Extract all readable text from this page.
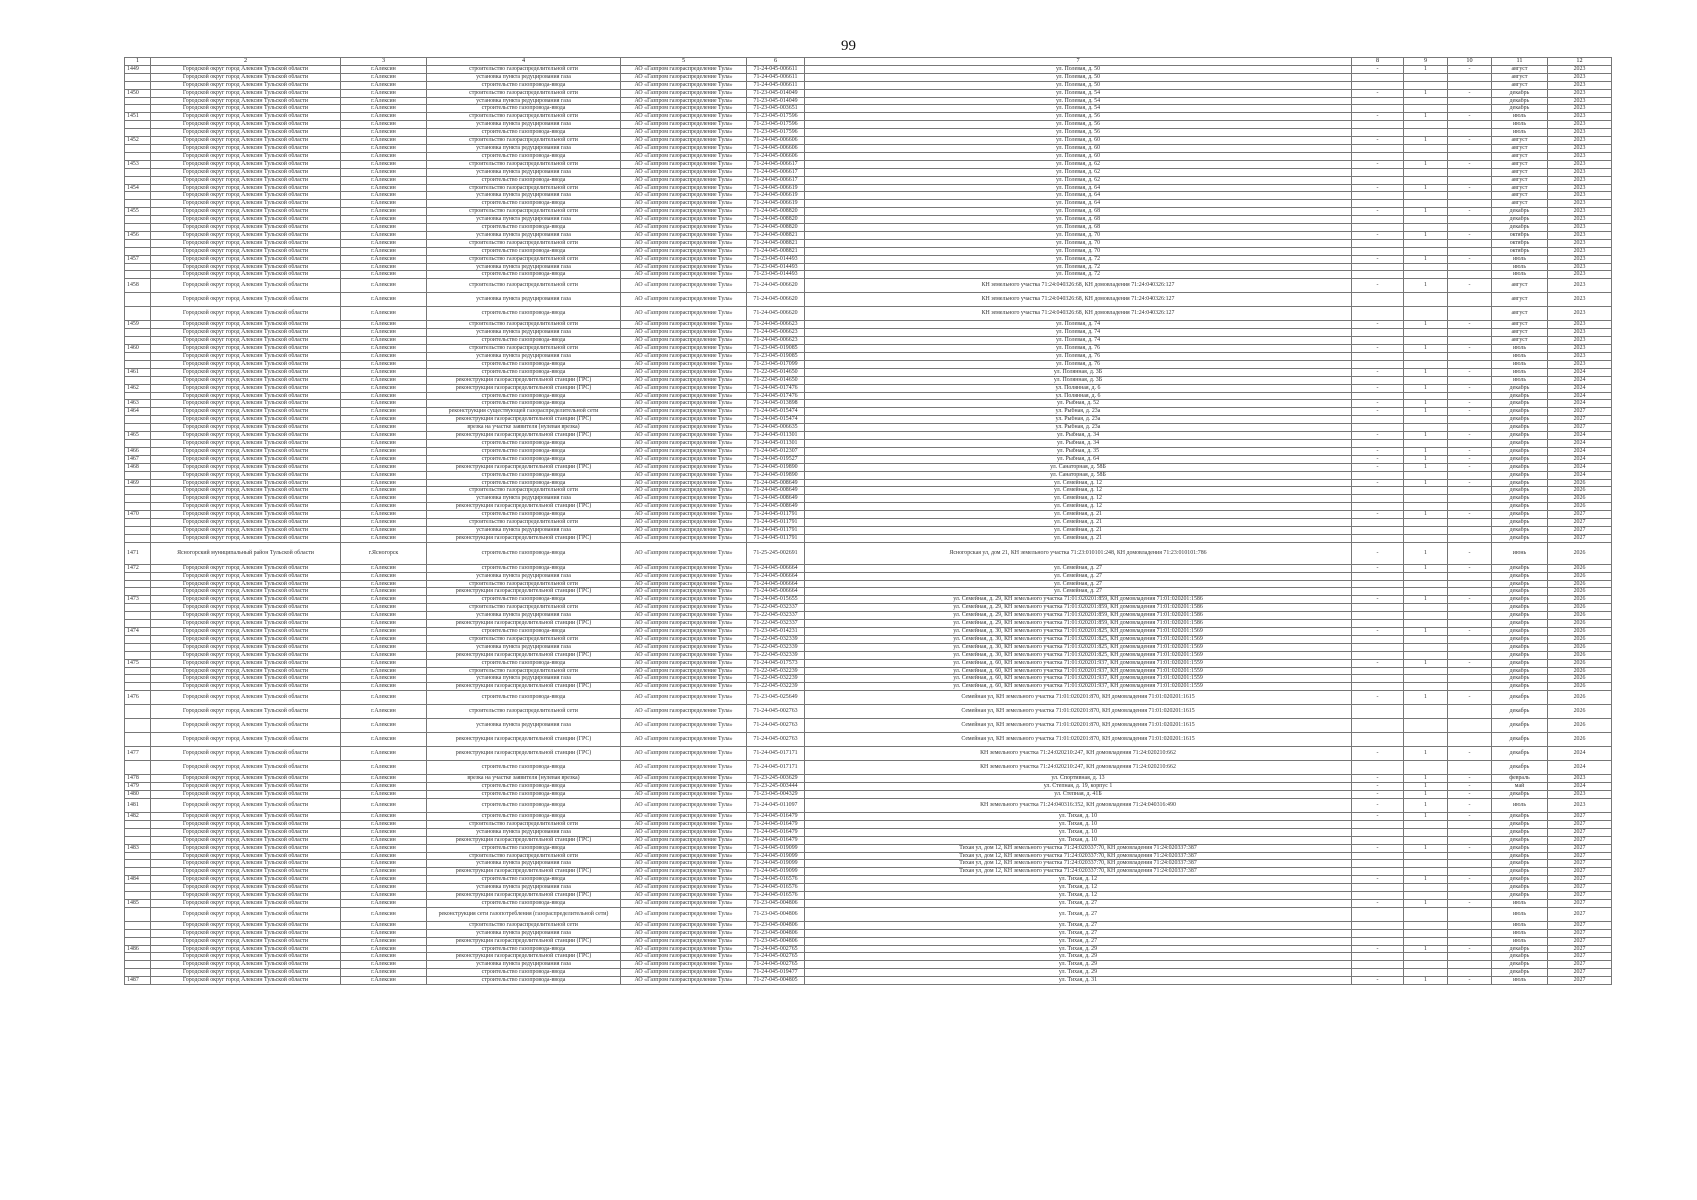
99
1	2	3	4	5	6	7	8	9	10	11	12
1449	Городской округ город Алексин Тульской области	г.Алексин	строительство газораспределительной сети	АО «Газпром газораспределение Тула»	71-24-045-006611	ул. Полевая, д. 50	-	1	-	август	2023
	Городской округ город Алексин Тульской области	г.Алексин	установка пункта редуцирования газа	АО «Газпром газораспределение Тула»	71-24-045-006611	ул. Полевая, д. 50				август	2023
	Городской округ город Алексин Тульской области	г.Алексин	строительство газопровода-ввода	АО «Газпром газораспределение Тула»	71-24-045-006611	ул. Полевая, д. 50				август	2023
1450	Городской округ город Алексин Тульской области	г.Алексин	строительство газораспределительной сети	АО «Газпром газораспределение Тула»	71-23-045-014049	ул. Полевая, д. 54	-	1	-	декабрь	2023
	Городской округ город Алексин Тульской области	г.Алексин	установка пункта редуцирования газа	АО «Газпром газораспределение Тула»	71-23-045-014049	ул. Полевая, д. 54				декабрь	2023
	Городской округ город Алексин Тульской области	г.Алексин	строительство газопровода-ввода	АО «Газпром газораспределение Тула»	71-23-045-003651	ул. Полевая, д. 54				декабрь	2023
1451	Городской округ город Алексин Тульской области	г.Алексин	строительство газораспределительной сети	АО «Газпром газораспределение Тула»	71-23-045-017596	ул. Полевая, д. 56	-	1	-	июль	2023
	Городской округ город Алексин Тульской области	г.Алексин	установка пункта редуцирования газа	АО «Газпром газораспределение Тула»	71-23-045-017596	ул. Полевая, д. 56				июль	2023
	Городской округ город Алексин Тульской области	г.Алексин	строительство газопровода-ввода	АО «Газпром газораспределение Тула»	71-23-045-017596	ул. Полевая, д. 56				июль	2023
1452	Городской округ город Алексин Тульской области	г.Алексин	строительство газораспределительной сети	АО «Газпром газораспределение Тула»	71-24-045-006606	ул. Полевая, д. 60	-	1	-	август	2023
	Городской округ город Алексин Тульской области	г.Алексин	установка пункта редуцирования газа	АО «Газпром газораспределение Тула»	71-24-045-006606	ул. Полевая, д. 60				август	2023
	Городской округ город Алексин Тульской области	г.Алексин	строительство газопровода-ввода	АО «Газпром газораспределение Тула»	71-24-045-006606	ул. Полевая, д. 60				август	2023
1453	Городской округ город Алексин Тульской области	г.Алексин	строительство газораспределительной сети	АО «Газпром газораспределение Тула»	71-24-045-006617	ул. Полевая, д. 62	-	1	-	август	2023
	Городской округ город Алексин Тульской области	г.Алексин	установка пункта редуцирования газа	АО «Газпром газораспределение Тула»	71-24-045-006617	ул. Полевая, д. 62				август	2023
	Городской округ город Алексин Тульской области	г.Алексин	строительство газопровода-ввода	АО «Газпром газораспределение Тула»	71-24-045-006617	ул. Полевая, д. 62				август	2023
1454	Городской округ город Алексин Тульской области	г.Алексин	строительство газораспределительной сети	АО «Газпром газораспределение Тула»	71-24-045-006619	ул. Полевая, д. 64	-	1	-	август	2023
	Городской округ город Алексин Тульской области	г.Алексин	установка пункта редуцирования газа	АО «Газпром газораспределение Тула»	71-24-045-006619	ул. Полевая, д. 64				август	2023
	Городской округ город Алексин Тульской области	г.Алексин	строительство газопровода-ввода	АО «Газпром газораспределение Тула»	71-24-045-006619	ул. Полевая, д. 64				август	2023
1455	Городской округ город Алексин Тульской области	г.Алексин	строительство газораспределительной сети	АО «Газпром газораспределение Тула»	71-24-045-008820	ул. Полевая, д. 68	-	1	-	декабрь	2023
	Городской округ город Алексин Тульской области	г.Алексин	установка пункта редуцирования газа	АО «Газпром газораспределение Тула»	71-24-045-008820	ул. Полевая, д. 68				декабрь	2023
	Городской округ город Алексин Тульской области	г.Алексин	строительство газопровода-ввода	АО «Газпром газораспределение Тула»	71-24-045-008820	ул. Полевая, д. 68				декабрь	2023
1456	Городской округ город Алексин Тульской области	г.Алексин	установка пункта редуцирования газа	АО «Газпром газораспределение Тула»	71-24-045-008821	ул. Полевая, д. 70	-	1	-	октябрь	2023
	Городской округ город Алексин Тульской области	г.Алексин	строительство газораспределительной сети	АО «Газпром газораспределение Тула»	71-24-045-008821	ул. Полевая, д. 70				октябрь	2023
	Городской округ город Алексин Тульской области	г.Алексин	строительство газопровода-ввода	АО «Газпром газораспределение Тула»	71-24-045-008821	ул. Полевая, д. 70				октябрь	2023
1457	Городской округ город Алексин Тульской области	г.Алексин	строительство газораспределительной сети	АО «Газпром газораспределение Тула»	71-23-045-014493	ул. Полевая, д. 72	-	1	-	июль	2023
	Городской округ город Алексин Тульской области	г.Алексин	установка пункта редуцирования газа	АО «Газпром газораспределение Тула»	71-23-045-014493	ул. Полевая, д. 72				июль	2023
	Городской округ город Алексин Тульской области	г.Алексин	строительство газопровода-ввода	АО «Газпром газораспределение Тула»	71-23-045-014493	ул. Полевая, д. 72				июль	2023
1458	Городской округ город Алексин Тульской области	г.Алексин	строительство газораспределительной сети	АО «Газпром газораспределение Тула»	71-24-045-006620	КН земельного участка 71:24:040326:68, КН домовладения 71:24:040326:127	-	1	-	август	2023
	Городской округ город Алексин Тульской области	г.Алексин	установка пункта редуцирования газа	АО «Газпром газораспределение Тула»	71-24-045-006620	КН земельного участка 71:24:040326:68, КН домовладения 71:24:040326:127				август	2023
	Городской округ город Алексин Тульской области	г.Алексин	строительство газопровода-ввода	АО «Газпром газораспределение Тула»	71-24-045-006620	КН земельного участка 71:24:040326:68, КН домовладения 71:24:040326:127				август	2023
1459	Городской округ город Алексин Тульской области	г.Алексин	строительство газораспределительной сети	АО «Газпром газораспределение Тула»	71-24-045-006623	ул. Полевая, д. 74	-	1	-	август	2023
	Городской округ город Алексин Тульской области	г.Алексин	установка пункта редуцирования газа	АО «Газпром газораспределение Тула»	71-24-045-006623	ул. Полевая, д. 74				август	2023
	Городской округ город Алексин Тульской области	г.Алексин	строительство газопровода-ввода	АО «Газпром газораспределение Тула»	71-24-045-006623	ул. Полевая, д. 74				август	2023
1460	Городской округ город Алексин Тульской области	г.Алексин	строительство газораспределительной сети	АО «Газпром газораспределение Тула»	71-23-045-019085	ул. Полевая, д. 76	-	1	-	июль	2023
	Городской округ город Алексин Тульской области	г.Алексин	установка пункта редуцирования газа	АО «Газпром газораспределение Тула»	71-23-045-019085	ул. Полевая, д. 76				июль	2023
	Городской округ город Алексин Тульской области	г.Алексин	строительство газопровода-ввода	АО «Газпром газораспределение Тула»	71-23-045-017099	ул. Полевая, д. 76				июль	2023
1461	Городской округ город Алексин Тульской области	г.Алексин	строительство газопровода-ввода	АО «Газпром газораспределение Тула»	71-22-045-014650	ул. Полянная, д. 3Б	-	1	-	июль	2024
	Городской округ город Алексин Тульской области	г.Алексин	реконструкция газораспределительной станции (ГРС)	АО «Газпром газораспределение Тула»	71-22-045-014650	ул. Полянная, д. 3Б				июль	2024
1462	Городской округ город Алексин Тульской области	г.Алексин	реконструкция газораспределительной станции (ГРС)	АО «Газпром газораспределение Тула»	71-24-045-017476	ул. Полянная, д. 6	-	1	-	декабрь	2024
	Городской округ город Алексин Тульской области	г.Алексин	строительство газопровода-ввода	АО «Газпром газораспределение Тула»	71-24-045-017476	ул. Полянная, д. 6				декабрь	2024
1463	Городской округ город Алексин Тульской области	г.Алексин	строительство газопровода-ввода	АО «Газпром газораспределение Тула»	71-24-045-013898	ул. Рыбная, д. 52	-	1	-	декабрь	2024
1464	Городской округ город Алексин Тульской области	г.Алексин	реконструкция существующей газораспределительной сети	АО «Газпром газораспределение Тула»	71-24-045-015474	ул. Рыбная, д. 23а	-	1	-	декабрь	2027
	Городской округ город Алексин Тульской области	г.Алексин	реконструкция газораспределительной станции (ГРС)	АО «Газпром газораспределение Тула»	71-24-045-015474	ул. Рыбная, д. 23а				декабрь	2027
	Городской округ город Алексин Тульской области	г.Алексин	врезка на участке заявителя (нулевая врезка)	АО «Газпром газораспределение Тула»	71-24-045-006635	ул. Рыбная, д. 23а				декабрь	2027
1465	Городской округ город Алексин Тульской области	г.Алексин	реконструкция газораспределительной станции (ГРС)	АО «Газпром газораспределение Тула»	71-24-045-011301	ул. Рыбная, д. 34	-	1	-	декабрь	2024
	Городской округ город Алексин Тульской области	г.Алексин	строительство газопровода-ввода	АО «Газпром газораспределение Тула»	71-24-045-011301	ул. Рыбная, д. 34				декабрь	2024
1466	Городской округ город Алексин Тульской области	г.Алексин	строительство газопровода-ввода	АО «Газпром газораспределение Тула»	71-24-045-012307	ул. Рыбная, д. 35	-	1	-	декабрь	2024
1467	Городской округ город Алексин Тульской области	г.Алексин	строительство газопровода-ввода	АО «Газпром газораспределение Тула»	71-24-045-019527	ул. Рыбная, д. 64	-	1	-	декабрь	2024
1468	Городской округ город Алексин Тульской области	г.Алексин	реконструкция газораспределительной станции (ГРС)	АО «Газпром газораспределение Тула»	71-24-045-019890	ул. Санаторная, д. 58Б	-	1	-	декабрь	2024
	Городской округ город Алексин Тульской области	г.Алексин	строительство газопровода-ввода	АО «Газпром газораспределение Тула»	71-24-045-019890	ул. Санаторная, д. 58Б				декабрь	2024
1469	Городской округ город Алексин Тульской области	г.Алексин	строительство газопровода-ввода	АО «Газпром газораспределение Тула»	71-24-045-008649	ул. Семейная, д. 12	-	1	-	декабрь	2026
	Городской округ город Алексин Тульской области	г.Алексин	строительство газораспределительной сети	АО «Газпром газораспределение Тула»	71-24-045-008649	ул. Семейная, д. 12				декабрь	2026
	Городской округ город Алексин Тульской области	г.Алексин	установка пункта редуцирования газа	АО «Газпром газораспределение Тула»	71-24-045-008649	ул. Семейная, д. 12				декабрь	2026
	Городской округ город Алексин Тульской области	г.Алексин	реконструкция газораспределительной станции (ГРС)	АО «Газпром газораспределение Тула»	71-24-045-008649	ул. Семейная, д. 12				декабрь	2026
1470	Городской округ город Алексин Тульской области	г.Алексин	строительство газопровода-ввода	АО «Газпром газораспределение Тула»	71-24-045-011791	ул. Семейная, д. 21	-	1	-	декабрь	2027
	Городской округ город Алексин Тульской области	г.Алексин	строительство газораспределительной сети	АО «Газпром газораспределение Тула»	71-24-045-011791	ул. Семейная, д. 21				декабрь	2027
	Городской округ город Алексин Тульской области	г.Алексин	установка пункта редуцирования газа	АО «Газпром газораспределение Тула»	71-24-045-011791	ул. Семейная, д. 21				декабрь	2027
	Городской округ город Алексин Тульской области	г.Алексин	реконструкция газораспределительной станции (ГРС)	АО «Газпром газораспределение Тула»	71-24-045-011791	ул. Семейная, д. 21				декабрь	2027
1471	Ясногорский муниципальный район Тульской области	г.Ясногорск	строительство газопровода-ввода	АО «Газпром газораспределение Тула»	71-25-245-002691	Ясногорская ул, дом 21, КН земельного участка 71:23:010101:248, КН домовладения 71:23:010101:786	-	1	-	июнь	2026
1472	Городской округ город Алексин Тульской области	г.Алексин	строительство газопровода-ввода	АО «Газпром газораспределение Тула»	71-24-045-006664	ул. Семейная, д. 27	-	1	-	декабрь	2026
	Городской округ город Алексин Тульской области	г.Алексин	установка пункта редуцирования газа	АО «Газпром газораспределение Тула»	71-24-045-006664	ул. Семейная, д. 27				декабрь	2026
	Городской округ город Алексин Тульской области	г.Алексин	строительство газораспределительной сети	АО «Газпром газораспределение Тула»	71-24-045-006664	ул. Семейная, д. 27				декабрь	2026
	Городской округ город Алексин Тульской области	г.Алексин	реконструкция газораспределительной станции (ГРС)	АО «Газпром газораспределение Тула»	71-24-045-006664	ул. Семейная, д. 27				декабрь	2026
1473	Городской округ город Алексин Тульской области	г.Алексин	строительство газопровода-ввода	АО «Газпром газораспределение Тула»	71-24-045-015655	ул. Семейная, д. 29, КН земельного участка 71:01:020201:859, КН домовладения 71:01:020201:1586	-	1	-	декабрь	2026
	Городской округ город Алексин Тульской области	г.Алексин	строительство газораспределительной сети	АО «Газпром газораспределение Тула»	71-22-045-032337	ул. Семейная, д. 29, КН земельного участка 71:01:020201:859, КН домовладения 71:01:020201:1586				декабрь	2026
	Городской округ город Алексин Тульской области	г.Алексин	установка пункта редуцирования газа	АО «Газпром газораспределение Тула»	71-22-045-032337	ул. Семейная, д. 29, КН земельного участка 71:01:020201:859, КН домовладения 71:01:020201:1586				декабрь	2026
	Городской округ город Алексин Тульской области	г.Алексин	реконструкция газораспределительной станции (ГРС)	АО «Газпром газораспределение Тула»	71-22-045-032337	ул. Семейная, д. 29, КН земельного участка 71:01:020201:859, КН домовладения 71:01:020201:1586				декабрь	2026
1474	Городской округ город Алексин Тульской области	г.Алексин	строительство газопровода-ввода	АО «Газпром газораспределение Тула»	71-23-045-014231	ул. Семейная, д. 30, КН земельного участка 71:01:020201:825, КН домовладения 71:01:020201:1569	-	1	-	декабрь	2026
	Городской округ город Алексин Тульской области	г.Алексин	строительство газораспределительной сети	АО «Газпром газораспределение Тула»	71-22-045-032339	ул. Семейная, д. 30, КН земельного участка 71:01:020201:825, КН домовладения 71:01:020201:1569				декабрь	2026
	Городской округ город Алексин Тульской области	г.Алексин	установка пункта редуцирования газа	АО «Газпром газораспределение Тула»	71-22-045-032339	ул. Семейная, д. 30, КН земельного участка 71:01:020201:825, КН домовладения 71:01:020201:1569				декабрь	2026
	Городской округ город Алексин Тульской области	г.Алексин	реконструкция газораспределительной станции (ГРС)	АО «Газпром газораспределение Тула»	71-22-045-032339	ул. Семейная, д. 30, КН земельного участка 71:01:020201:825, КН домовладения 71:01:020201:1569				декабрь	2026
1475	Городской округ город Алексин Тульской области	г.Алексин	строительство газопровода-ввода	АО «Газпром газораспределение Тула»	71-24-045-017573	ул. Семейная, д. 60, КН земельного участка 71:01:020201:937, КН домовладения 71:01:020201:1559	-	1	-	декабрь	2026
	Городской округ город Алексин Тульской области	г.Алексин	строительство газораспределительной сети	АО «Газпром газораспределение Тула»	71-22-045-032239	ул. Семейная, д. 60, КН земельного участка 71:01:020201:937, КН домовладения 71:01:020201:1559				декабрь	2026
	Городской округ город Алексин Тульской области	г.Алексин	установка пункта редуцирования газа	АО «Газпром газораспределение Тула»	71-22-045-032239	ул. Семейная, д. 60, КН земельного участка 71:01:020201:937, КН домовладения 71:01:020201:1559				декабрь	2026
	Городской округ город Алексин Тульской области	г.Алексин	реконструкция газораспределительной станции (ГРС)	АО «Газпром газораспределение Тула»	71-22-045-032239	ул. Семейная, д. 60, КН земельного участка 71:01:020201:937, КН домовладения 71:01:020201:1559				декабрь	2026
1476	Городской округ город Алексин Тульской области	г.Алексин	строительство газопровода-ввода	АО «Газпром газораспределение Тула»	71-23-045-025649	Семейная ул, КН земельного участка 71:01:020201:870, КН домовладения 71:01:020201:1615	-	1	-	декабрь	2026
	Городской округ город Алексин Тульской области	г.Алексин	строительство газораспределительной сети	АО «Газпром газораспределение Тула»	71-24-045-002763	Семейная ул, КН земельного участка 71:01:020201:870, КН домовладения 71:01:020201:1615				декабрь	2026
	Городской округ город Алексин Тульской области	г.Алексин	установка пункта редуцирования газа	АО «Газпром газораспределение Тула»	71-24-045-002763	Семейная ул, КН земельного участка 71:01:020201:870, КН домовладения 71:01:020201:1615				декабрь	2026
	Городской округ город Алексин Тульской области	г.Алексин	реконструкция газораспределительной станции (ГРС)	АО «Газпром газораспределение Тула»	71-24-045-002763	Семейная ул, КН земельного участка 71:01:020201:870, КН домовладения 71:01:020201:1615				декабрь	2026
1477	Городской округ город Алексин Тульской области	г.Алексин	реконструкция газораспределительной станции (ГРС)	АО «Газпром газораспределение Тула»	71-24-045-017171	КН земельного участка 71:24:020210:247, КН домовладения 71:24:020210:662	-	1	-	декабрь	2024
	Городской округ город Алексин Тульской области	г.Алексин	строительство газопровода-ввода	АО «Газпром газораспределение Тула»	71-24-045-017171	КН земельного участка 71:24:020210:247, КН домовладения 71:24:020210:662				декабрь	2024
1478	Городской округ город Алексин Тульской области	г.Алексин	врезка на участке заявителя (нулевая врезка)	АО «Газпром газораспределение Тула»	71-23-245-003629	ул. Спортивная, д. 13	-	1	-	февраль	2023
1479	Городской округ город Алексин Тульской области	г.Алексин	строительство газопровода-ввода	АО «Газпром газораспределение Тула»	71-23-245-003444	ул. Степная, д. 19, корпус 1	-	1	-	май	2024
1480	Городской округ город Алексин Тульской области	г.Алексин	строительство газопровода-ввода	АО «Газпром газораспределение Тула»	71-23-045-004329	ул. Степная, д. 41Б	-	1	-	декабрь	2023
1481	Городской округ город Алексин Тульской области	г.Алексин	строительство газопровода-ввода	АО «Газпром газораспределение Тула»	71-24-045-011097	КН земельного участка 71:24:040316:352, КН домовладения 71:24:040316:490	-	1	-	июль	2023
1482	Городской округ город Алексин Тульской области	г.Алексин	строительство газопровода-ввода	АО «Газпром газораспределение Тула»	71-24-045-016479	ул. Тихая, д. 10	-	1	-	декабрь	2027
	Городской округ город Алексин Тульской области	г.Алексин	строительство газораспределительной сети	АО «Газпром газораспределение Тула»	71-24-045-016479	ул. Тихая, д. 10				декабрь	2027
	Городской округ город Алексин Тульской области	г.Алексин	установка пункта редуцирования газа	АО «Газпром газораспределение Тула»	71-24-045-016479	ул. Тихая, д. 10				декабрь	2027
	Городской округ город Алексин Тульской области	г.Алексин	реконструкция газораспределительной станции (ГРС)	АО «Газпром газораспределение Тула»	71-24-045-016479	ул. Тихая, д. 10				декабрь	2027
1483	Городской округ город Алексин Тульской области	г.Алексин	строительство газопровода-ввода	АО «Газпром газораспределение Тула»	71-24-045-019099	Тихая ул, дом 12, КН земельного участка 71:24:020337:70, КН домовладения 71:24:020337:387	-	1	-	декабрь	2027
	Городской округ город Алексин Тульской области	г.Алексин	строительство газораспределительной сети	АО «Газпром газораспределение Тула»	71-24-045-019099	Тихая ул, дом 12, КН земельного участка 71:24:020337:70, КН домовладения 71:24:020337:387				декабрь	2027
	Городской округ город Алексин Тульской области	г.Алексин	установка пункта редуцирования газа	АО «Газпром газораспределение Тула»	71-24-045-019099	Тихая ул, дом 12, КН земельного участка 71:24:020337:70, КН домовладения 71:24:020337:387				декабрь	2027
	Городской округ город Алексин Тульской области	г.Алексин	реконструкция газораспределительной станции (ГРС)	АО «Газпром газораспределение Тула»	71-24-045-019099	Тихая ул, дом 12, КН земельного участка 71:24:020337:70, КН домовладения 71:24:020337:387				декабрь	2027
1484	Городской округ город Алексин Тульской области	г.Алексин	строительство газопровода-ввода	АО «Газпром газораспределение Тула»	71-24-045-016576	ул. Тихая, д. 12	-	1	-	декабрь	2027
	Городской округ город Алексин Тульской области	г.Алексин	установка пункта редуцирования газа	АО «Газпром газораспределение Тула»	71-24-045-016576	ул. Тихая, д. 12				декабрь	2027
	Городской округ город Алексин Тульской области	г.Алексин	реконструкция газораспределительной станции (ГРС)	АО «Газпром газораспределение Тула»	71-24-045-016576	ул. Тихая, д. 12				декабрь	2027
1485	Городской округ город Алексин Тульской области	г.Алексин	строительство газопровода-ввода	АО «Газпром газораспределение Тула»	71-23-045-004806	ул. Тихая, д. 27	-	1	-	июль	2027
	Городской округ город Алексин Тульской области	г.Алексин	реконструкция сети газопотребления (газораспределительной сети)	АО «Газпром газораспределение Тула»	71-23-045-004806	ул. Тихая, д. 27				июль	2027
	Городской округ город Алексин Тульской области	г.Алексин	строительство газораспределительной сети	АО «Газпром газораспределение Тула»	71-23-045-004806	ул. Тихая, д. 27				июль	2027
	Городской округ город Алексин Тульской области	г.Алексин	установка пункта редуцирования газа	АО «Газпром газораспределение Тула»	71-23-045-004806	ул. Тихая, д. 27				июль	2027
	Городской округ город Алексин Тульской области	г.Алексин	реконструкция газораспределительной станции (ГРС)	АО «Газпром газораспределение Тула»	71-23-045-004806	ул. Тихая, д. 27				июль	2027
1486	Городской округ город Алексин Тульской области	г.Алексин	строительство газопровода-ввода	АО «Газпром газораспределение Тула»	71-24-045-002765	ул. Тихая, д. 29	-	1	-	декабрь	2027
	Городской округ город Алексин Тульской области	г.Алексин	реконструкция газораспределительной станции (ГРС)	АО «Газпром газораспределение Тула»	71-24-045-002765	ул. Тихая, д. 29				декабрь	2027
	Городской округ город Алексин Тульской области	г.Алексин	установка пункта редуцирования газа	АО «Газпром газораспределение Тула»	71-24-045-002765	ул. Тихая, д. 29				декабрь	2027
	Городской округ город Алексин Тульской области	г.Алексин	строительство газопровода-ввода	АО «Газпром газораспределение Тула»	71-24-045-019477	ул. Тихая, д. 29				декабрь	2027
1487	Городской округ город Алексин Тульской области	г.Алексин	строительство газопровода-ввода	АО «Газпром газораспределение Тула»	71-27-045-004805	ул. Тихая, д. 31	-	1	-	июль	2027
